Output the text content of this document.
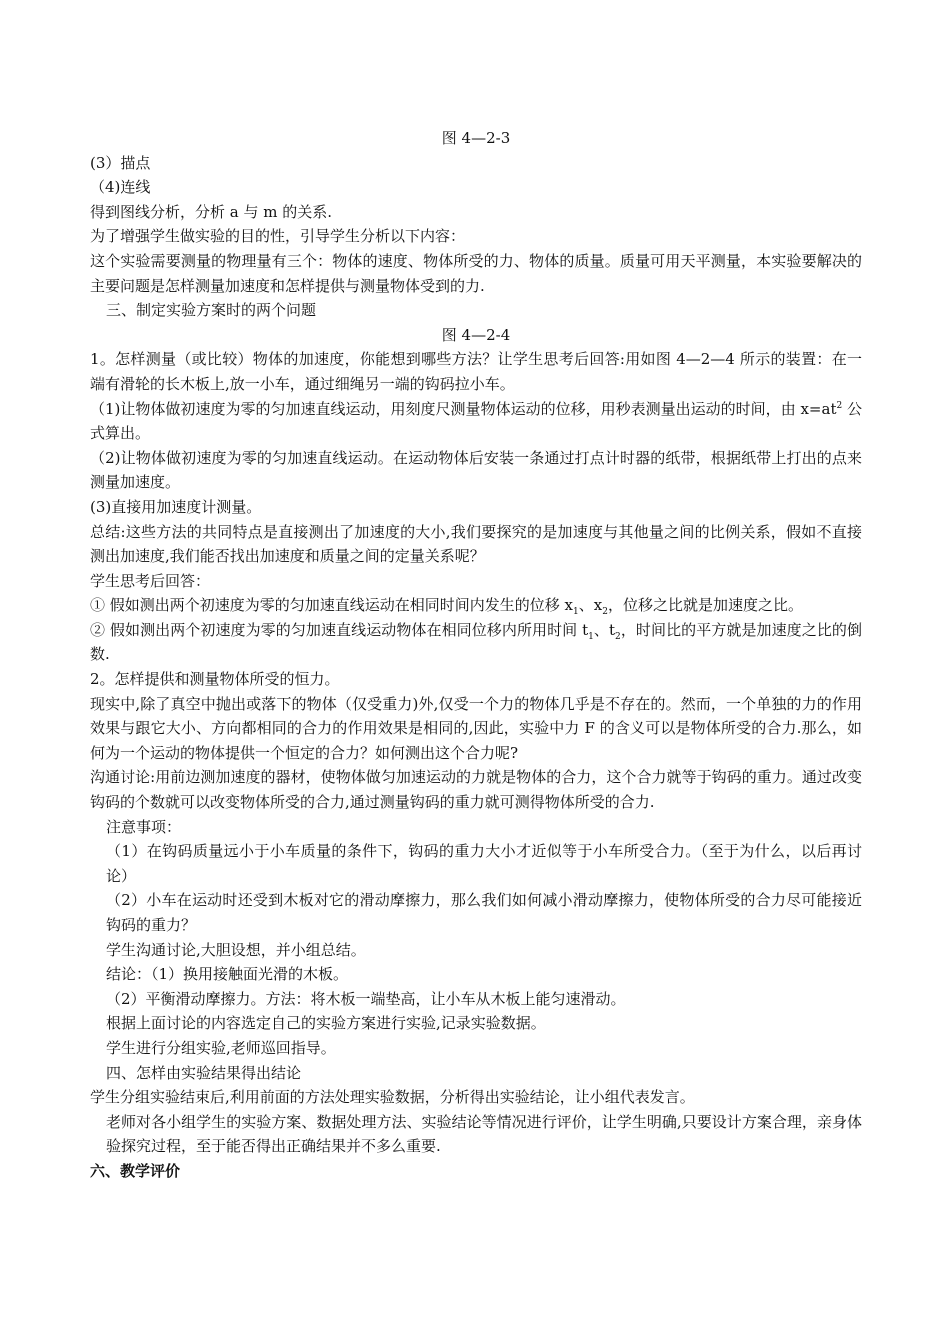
图 4—2-3
(3）描点
（4)连线
得到图线分析，分析 a 与 m 的关系.
为了增强学生做实验的目的性，引导学生分析以下内容：
这个实验需要测量的物理量有三个：物体的速度、物体所受的力、物体的质量。质量可用天平测量，本实验要解决的主要问题是怎样测量加速度和怎样提供与测量物体受到的力.
三、制定实验方案时的两个问题
图 4—2-4
1。怎样测量（或比较）物体的加速度，你能想到哪些方法？让学生思考后回答:用如图 4—2—4 所示的装置：在一端有滑轮的长木板上,放一小车，通过细绳另一端的钩码拉小车。
（1)让物体做初速度为零的匀加速直线运动，用刻度尺测量物体运动的位移，用秒表测量出运动的时间，由 $x=at^2$ 公式算出。
（2)让物体做初速度为零的匀加速直线运动。在运动物体后安装一条通过打点计时器的纸带，根据纸带上打出的点来测量加速度。
(3)直接用加速度计测量。
总结:这些方法的共同特点是直接测出了加速度的大小,我们要探究的是加速度与其他量之间的比例关系，假如不直接测出加速度,我们能否找出加速度和质量之间的定量关系呢？
学生思考后回答：
① 假如测出两个初速度为零的匀加速直线运动在相同时间内发生的位移 $x_1$、$x_2$，位移之比就是加速度之比。
② 假如测出两个初速度为零的匀加速直线运动物体在相同位移内所用时间 $t_1$、$t_2$，时间比的平方就是加速度之比的倒数.
2。怎样提供和测量物体所受的恒力。
现实中,除了真空中抛出或落下的物体（仅受重力)外,仅受一个力的物体几乎是不存在的。然而，一个单独的力的作用效果与跟它大小、方向都相同的合力的作用效果是相同的,因此，实验中力 F 的含义可以是物体所受的合力.那么，如何为一个运动的物体提供一个恒定的合力？如何测出这个合力呢?
沟通讨论:用前边测加速度的器材，使物体做匀加速运动的力就是物体的合力，这个合力就等于钩码的重力。通过改变钩码的个数就可以改变物体所受的合力,通过测量钩码的重力就可测得物体所受的合力.
注意事项：
（1）在钩码质量远小于小车质量的条件下，钩码的重力大小才近似等于小车所受合力。（至于为什么，以后再讨论）
（2）小车在运动时还受到木板对它的滑动摩擦力，那么我们如何减小滑动摩擦力，使物体所受的合力尽可能接近钩码的重力？
学生沟通讨论,大胆设想，并小组总结。
结论：（1）换用接触面光滑的木板。
（2）平衡滑动摩擦力。方法：将木板一端垫高，让小车从木板上能匀速滑动。
根据上面讨论的内容选定自己的实验方案进行实验,记录实验数据。
学生进行分组实验,老师巡回指导。
四、怎样由实验结果得出结论
学生分组实验结束后,利用前面的方法处理实验数据，分析得出实验结论，让小组代表发言。
老师对各小组学生的实验方案、数据处理方法、实验结论等情况进行评价，让学生明确,只要设计方案合理，亲身体验探究过程，至于能否得出正确结果并不多么重要.
六、教学评价
